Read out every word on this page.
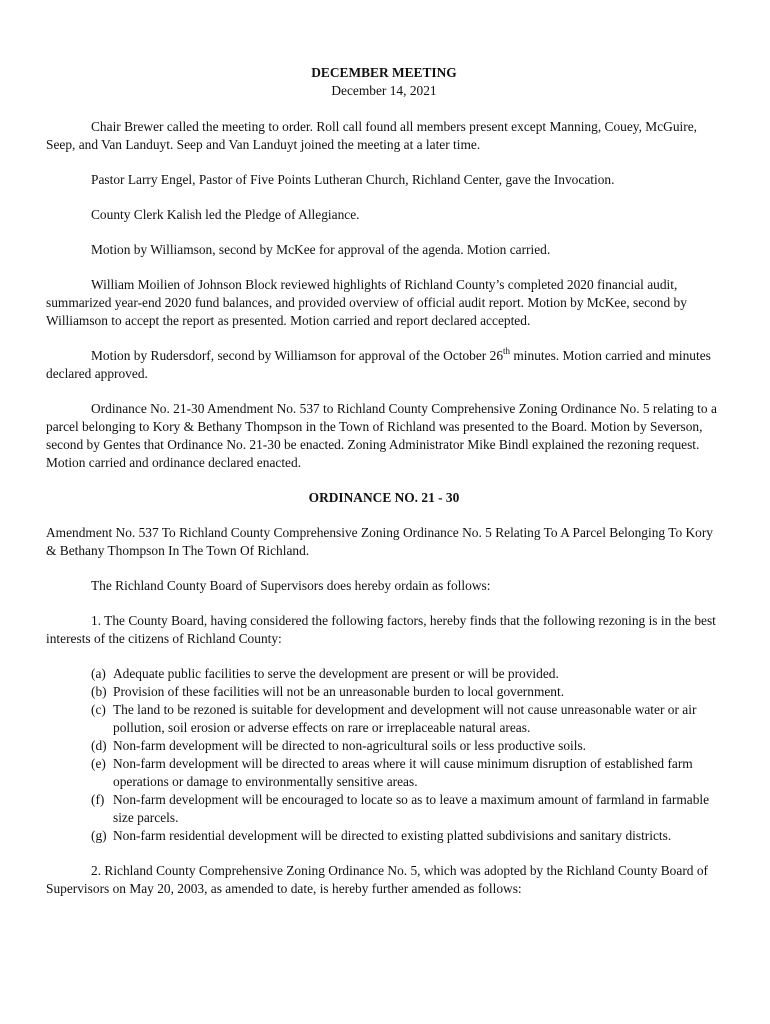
DECEMBER MEETING
December 14, 2021

Chair Brewer called the meeting to order. Roll call found all members present except Manning, Couey, McGuire, Seep, and Van Landuyt. Seep and Van Landuyt joined the meeting at a later time.

Pastor Larry Engel, Pastor of Five Points Lutheran Church, Richland Center, gave the Invocation.

County Clerk Kalish led the Pledge of Allegiance.

Motion by Williamson, second by McKee for approval of the agenda. Motion carried.

William Moilien of Johnson Block reviewed highlights of Richland County’s completed 2020 financial audit, summarized year-end 2020 fund balances, and provided overview of official audit report. Motion by McKee, second by Williamson to accept the report as presented. Motion carried and report declared accepted.

Motion by Rudersdorf, second by Williamson for approval of the October 26th minutes. Motion carried and minutes declared approved.

Ordinance No. 21-30 Amendment No. 537 to Richland County Comprehensive Zoning Ordinance No. 5 relating to a parcel belonging to Kory & Bethany Thompson in the Town of Richland was presented to the Board. Motion by Severson, second by Gentes that Ordinance No. 21-30 be enacted. Zoning Administrator Mike Bindl explained the rezoning request. Motion carried and ordinance declared enacted.

ORDINANCE NO. 21 - 30

Amendment No. 537 To Richland County Comprehensive Zoning Ordinance No. 5 Relating To A Parcel Belonging To Kory & Bethany Thompson In The Town Of Richland.

The Richland County Board of Supervisors does hereby ordain as follows:

1. The County Board, having considered the following factors, hereby finds that the following rezoning is in the best interests of the citizens of Richland County:

(a) Adequate public facilities to serve the development are present or will be provided.
(b) Provision of these facilities will not be an unreasonable burden to local government.
(c) The land to be rezoned is suitable for development and development will not cause unreasonable water or air pollution, soil erosion or adverse effects on rare or irreplaceable natural areas.
(d) Non-farm development will be directed to non-agricultural soils or less productive soils.
(e) Non-farm development will be directed to areas where it will cause minimum disruption of established farm operations or damage to environmentally sensitive areas.
(f) Non-farm development will be encouraged to locate so as to leave a maximum amount of farmland in farmable size parcels.
(g) Non-farm residential development will be directed to existing platted subdivisions and sanitary districts.

2. Richland County Comprehensive Zoning Ordinance No. 5, which was adopted by the Richland County Board of Supervisors on May 20, 2003, as amended to date, is hereby further amended as follows:
